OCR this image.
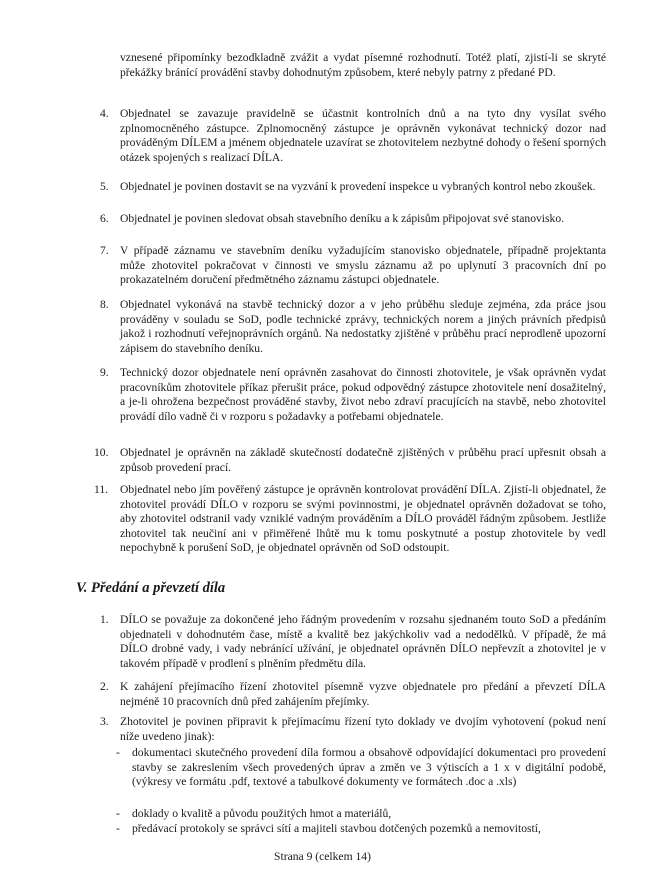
vznesené připomínky bezodkladně zvážit a vydat písemné rozhodnutí. Totéž platí, zjistí-li se skryté překážky bránící provádění stavby dohodnutým způsobem, které nebyly patrny z předané PD.

4. Objednatel se zavazuje pravidelně se účastnit kontrolních dnů a na tyto dny vysílat svého zplnomocněného zástupce. Zplnomocněný zástupce je oprávněn vykonávat technický dozor nad prováděným DÍLEM a jménem objednatele uzavírat se zhotovitelem nezbytné dohody o řešení sporných otázek spojených s realizací DÍLA.
5. Objednatel je povinen dostavit se na vyzvání k provedení inspekce u vybraných kontrol nebo zkoušek.
6. Objednatel je povinen sledovat obsah stavebního deníku a k zápisům připojovat své stanovisko.
7. V případě záznamu ve stavebním deníku vyžadujícím stanovisko objednatele, případně projektanta může zhotovitel pokračovat v činnosti ve smyslu záznamu až po uplynutí 3 pracovních dní po prokazatelném doručení předmětného záznamu zástupci objednatele.
8. Objednatel vykonává na stavbě technický dozor a v jeho průběhu sleduje zejména, zda práce jsou prováděny v souladu se SoD, podle technické zprávy, technických norem a jiných právních předpisů jakož i rozhodnutí veřejnoprávních orgánů. Na nedostatky zjištěné v průběhu prací neprodleně upozorní zápisem do stavebního deníku.
9. Technický dozor objednatele není oprávněn zasahovat do činnosti zhotovitele, je však oprávněn vydat pracovníkům zhotovitele příkaz přerušit práce, pokud odpovědný zástupce zhotovitele není dosažitelný, a je-li ohrožena bezpečnost prováděné stavby, život nebo zdraví pracujících na stavbě, nebo zhotovitel provádí dílo vadně či v rozporu s požadavky a potřebami objednatele.
10. Objednatel je oprávněn na základě skutečností dodatečně zjištěných v průběhu prací upřesnit obsah a způsob provedení prací.
11. Objednatel nebo jím pověřený zástupce je oprávněn kontrolovat provádění DÍLA. Zjistí-li objednatel, že zhotovitel provádí DÍLO v rozporu se svými povinnostmi, je objednatel oprávněn dožadovat se toho, aby zhotovitel odstranil vady vzniklé vadným prováděním a DÍLO prováděl řádným způsobem. Jestliže zhotovitel tak neučiní ani v přiměřené lhůtě mu k tomu poskytnuté a postup zhotovitele by vedl nepochybně k porušení SoD, je objednatel oprávněn od SoD odstoupit.
V. Předání a převzetí díla
1. DÍLO se považuje za dokončené jeho řádným provedením v rozsahu sjednaném touto SoD a předáním objednateli v dohodnutém čase, místě a kvalitě bez jakýchkoliv vad a nedodělků. V případě, že má DÍLO drobné vady, i vady nebránící užívání, je objednatel oprávněn DÍLO nepřevzít a zhotovitel je v takovém případě v prodlení s plněním předmětu díla.
2. K zahájení přejímacího řízení zhotovitel písemně vyzve objednatele pro předání a převzetí DÍLA nejméně 10 pracovních dnů před zahájením přejímky.
3. Zhotovitel je povinen připravit k přejímacímu řízení tyto doklady ve dvojím vyhotovení (pokud není níže uvedeno jinak):
- dokumentaci skutečného provedení díla formou a obsahově odpovídající dokumentaci pro provedení stavby se zakreslením všech provedených úprav a změn ve 3 výtiscích a 1 x v digitální podobě, (výkresy ve formátu .pdf, textové a tabulkové dokumenty ve formátech .doc a .xls)
- doklady o kvalitě a původu použitých hmot a materiálů,
- předávací protokoly se správci sítí a majiteli stavbou dotčených pozemků a nemovitostí,
Strana 9 (celkem 14)
